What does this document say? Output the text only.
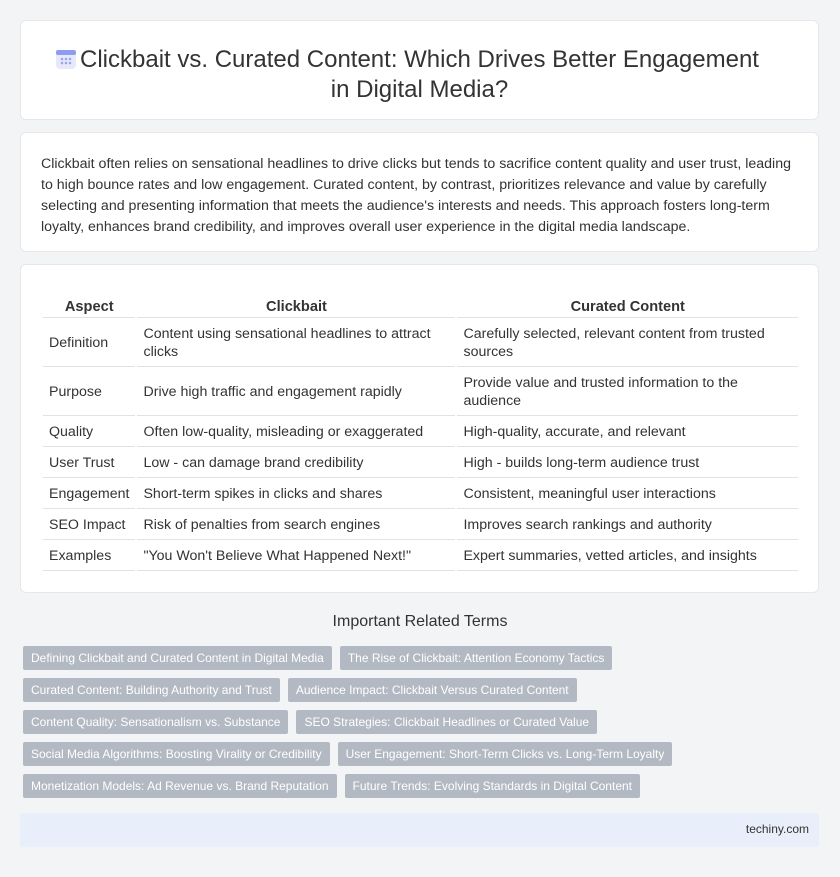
Clickbait vs. Curated Content: Which Drives Better Engagement in Digital Media?

Clickbait often relies on sensational headlines to drive clicks but tends to sacrifice content quality and user trust, leading to high bounce rates and low engagement. Curated content, by contrast, prioritizes relevance and value by carefully selecting and presenting information that meets the audience's interests and needs. This approach fosters long-term loyalty, enhances brand credibility, and improves overall user experience in the digital media landscape.

Aspect	Clickbait	Curated Content
Definition	Content using sensational headlines to attract clicks	Carefully selected, relevant content from trusted sources
Purpose	Drive high traffic and engagement rapidly	Provide value and trusted information to the audience
Quality	Often low-quality, misleading or exaggerated	High-quality, accurate, and relevant
User Trust	Low - can damage brand credibility	High - builds long-term audience trust
Engagement	Short-term spikes in clicks and shares	Consistent, meaningful user interactions
SEO Impact	Risk of penalties from search engines	Improves search rankings and authority
Examples	"You Won't Believe What Happened Next!"	Expert summaries, vetted articles, and insights
Important Related Terms
Defining Clickbait and Curated Content in Digital Media	The Rise of Clickbait: Attention Economy Tactics
Curated Content: Building Authority and Trust	Audience Impact: Clickbait Versus Curated Content
Content Quality: Sensationalism vs. Substance	SEO Strategies: Clickbait Headlines or Curated Value
Social Media Algorithms: Boosting Virality or Credibility	User Engagement: Short-Term Clicks vs. Long-Term Loyalty
Monetization Models: Ad Revenue vs. Brand Reputation	Future Trends: Evolving Standards in Digital Content
techiny.com
